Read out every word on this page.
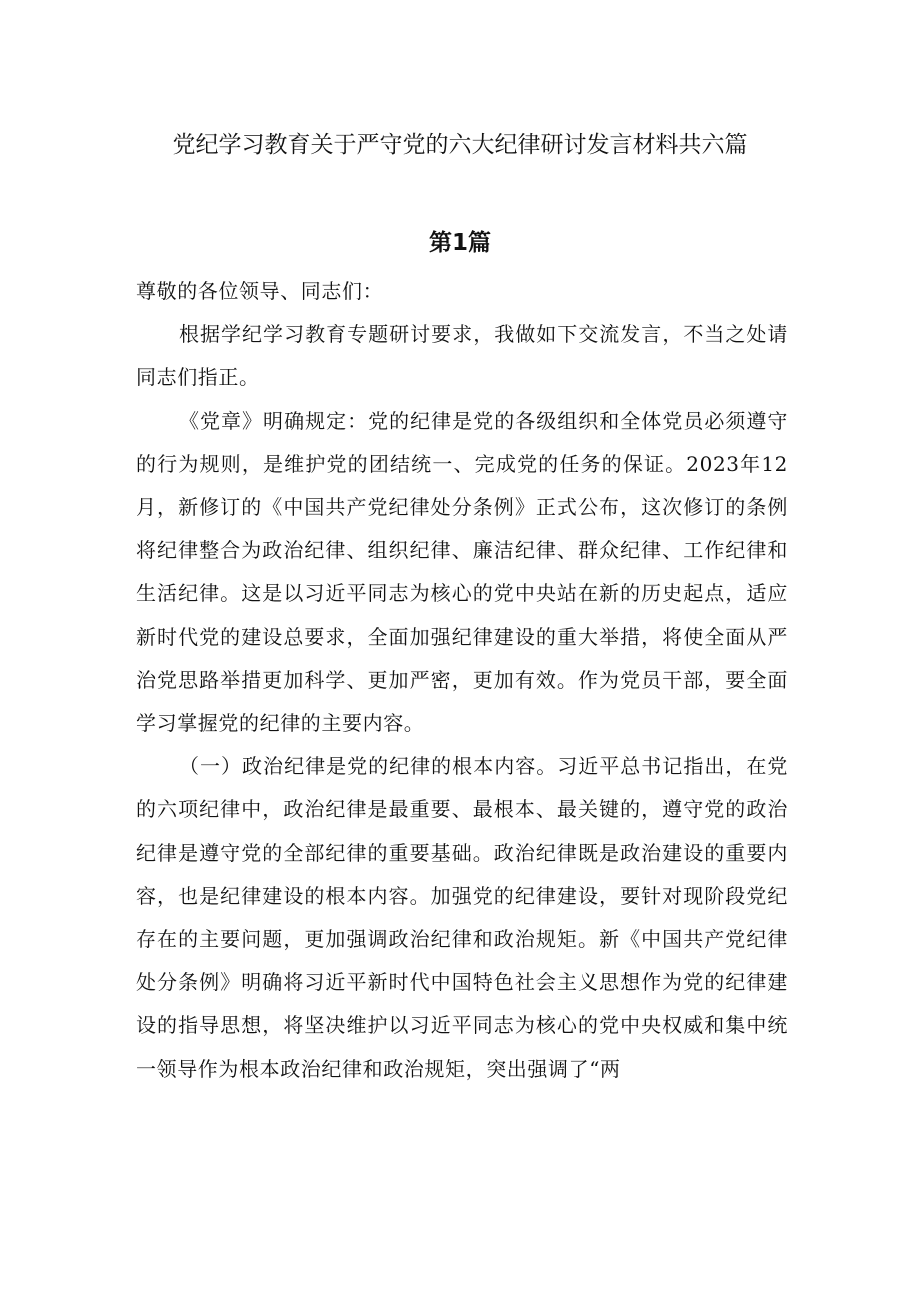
党纪学习教育关于严守党的六大纪律研讨发言材料共六篇
第1篇

尊敬的各位领导、同志们：

根据学纪学习教育专题研讨要求，我做如下交流发言，不当之处请同志们指正。

《党章》明确规定：党的纪律是党的各级组织和全体党员必须遵守的行为规则，是维护党的团结统一、完成党的任务的保证。2023年12月，新修订的《中国共产党纪律处分条例》正式公布，这次修订的条例将纪律整合为政治纪律、组织纪律、廉洁纪律、群众纪律、工作纪律和生活纪律。这是以习近平同志为核心的党中央站在新的历史起点，适应新时代党的建设总要求，全面加强纪律建设的重大举措，将使全面从严治党思路举措更加科学、更加严密，更加有效。作为党员干部，要全面学习掌握党的纪律的主要内容。

（一）政治纪律是党的纪律的根本内容。习近平总书记指出，在党的六项纪律中，政治纪律是最重要、最根本、最关键的，遵守党的政治纪律是遵守党的全部纪律的重要基础。政治纪律既是政治建设的重要内容，也是纪律建设的根本内容。加强党的纪律建设，要针对现阶段党纪存在的主要问题，更加强调政治纪律和政治规矩。新《中国共产党纪律处分条例》明确将习近平新时代中国特色社会主义思想作为党的纪律建设的指导思想，将坚决维护以习近平同志为核心的党中央权威和集中统一领导作为根本政治纪律和政治规矩，突出强调了“两
